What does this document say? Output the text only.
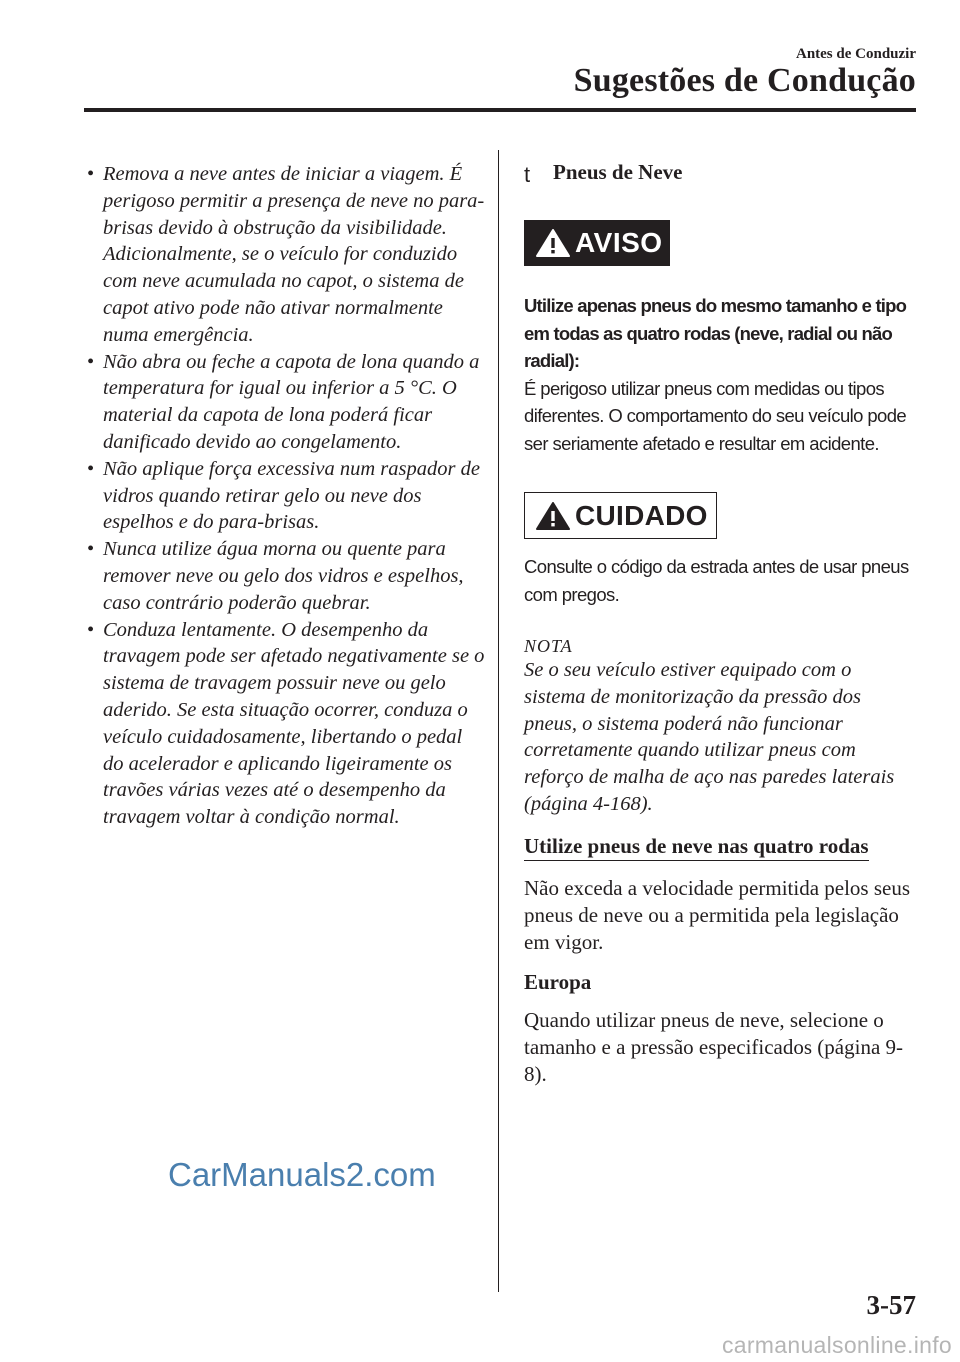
Antes de Conduzir
Sugestões de Condução
• Remova a neve antes de iniciar a viagem. É perigoso permitir a presença de neve no para-brisas devido à obstrução da visibilidade. Adicionalmente, se o veículo for conduzido com neve acumulada no capot, o sistema de capot ativo pode não ativar normalmente numa emergência.
• Não abra ou feche a capota de lona quando a temperatura for igual ou inferior a 5 °C. O material da capota de lona poderá ficar danificado devido ao congelamento.
• Não aplique força excessiva num raspador de vidros quando retirar gelo ou neve dos espelhos e do para-brisas.
• Nunca utilize água morna ou quente para remover neve ou gelo dos vidros e espelhos, caso contrário poderão quebrar.
• Conduza lentamente. O desempenho da travagem pode ser afetado negativamente se o sistema de travagem possuir neve ou gelo aderido. Se esta situação ocorrer, conduza o veículo cuidadosamente, libertando o pedal do acelerador e aplicando ligeiramente os travões várias vezes até o desempenho da travagem voltar à condição normal.
t Pneus de Neve
AVISO
Utilize apenas pneus do mesmo tamanho e tipo em todas as quatro rodas (neve, radial ou não radial):
É perigoso utilizar pneus com medidas ou tipos diferentes. O comportamento do seu veículo pode ser seriamente afetado e resultar em acidente.
CUIDADO
Consulte o código da estrada antes de usar pneus com pregos.
NOTA
Se o seu veículo estiver equipado com o sistema de monitorização da pressão dos pneus, o sistema poderá não funcionar corretamente quando utilizar pneus com reforço de malha de aço nas paredes laterais (página 4-168).
Utilize pneus de neve nas quatro rodas
Não exceda a velocidade permitida pelos seus pneus de neve ou a permitida pela legislação em vigor.
Europa
Quando utilizar pneus de neve, selecione o tamanho e a pressão especificados (página 9-8).
CarManuals2.com
3-57
carmanualsonline.info
